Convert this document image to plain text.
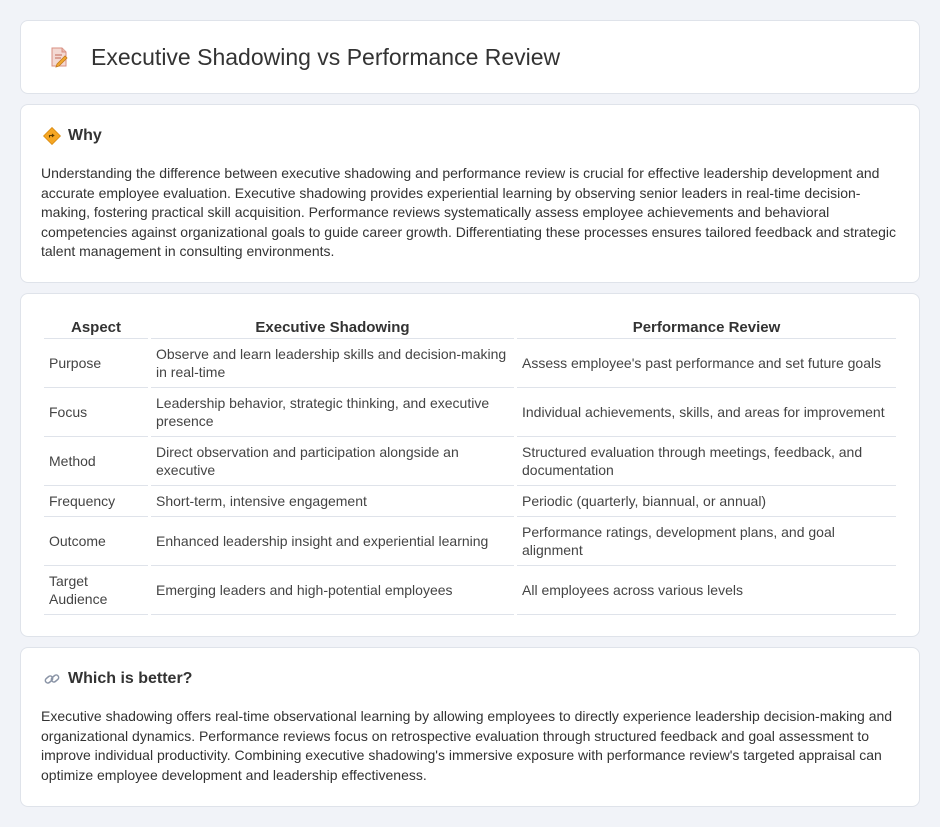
Executive Shadowing vs Performance Review
Why

Understanding the difference between executive shadowing and performance review is crucial for effective leadership development and accurate employee evaluation. Executive shadowing provides experiential learning by observing senior leaders in real-time decision-making, fostering practical skill acquisition. Performance reviews systematically assess employee achievements and behavioral competencies against organizational goals to guide career growth. Differentiating these processes ensures tailored feedback and strategic talent management in consulting environments.

Aspect	Executive Shadowing	Performance Review
Purpose	Observe and learn leadership skills and decision-making in real-time	Assess employee's past performance and set future goals
Focus	Leadership behavior, strategic thinking, and executive presence	Individual achievements, skills, and areas for improvement
Method	Direct observation and participation alongside an executive	Structured evaluation through meetings, feedback, and documentation
Frequency	Short-term, intensive engagement	Periodic (quarterly, biannual, or annual)
Outcome	Enhanced leadership insight and experiential learning	Performance ratings, development plans, and goal alignment
Target Audience	Emerging leaders and high-potential employees	All employees across various levels
Which is better?

Executive shadowing offers real-time observational learning by allowing employees to directly experience leadership decision-making and organizational dynamics. Performance reviews focus on retrospective evaluation through structured feedback and goal assessment to improve individual productivity. Combining executive shadowing's immersive exposure with performance review's targeted appraisal can optimize employee development and leadership effectiveness.
